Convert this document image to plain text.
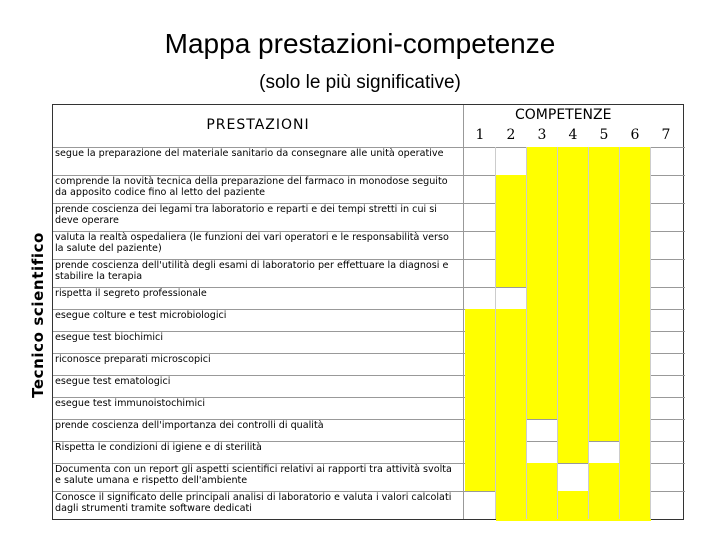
Mappa prestazioni-competenze
(solo le più significative)
Tecnico scientifico
PRESTAZIONI
COMPETENZE
1	2	3	4	5	6	7
segue la preparazione del materiale sanitario da consegnare alle unità operative
comprende la novità tecnica della preparazione del farmaco in monodose seguito da apposito codice fino al letto del paziente
prende coscienza dei legami tra laboratorio e reparti e dei tempi stretti in cui si deve operare
valuta la realtà ospedaliera (le funzioni dei vari operatori e le responsabilità verso la salute del paziente)
prende coscienza dell'utilità degli esami di laboratorio per effettuare la diagnosi e stabilire la terapia
rispetta il segreto professionale
esegue colture e test microbiologici
esegue test biochimici
riconosce preparati microscopici
esegue test ematologici
esegue test immunoistochimici
prende coscienza dell'importanza dei controlli di qualità
Rispetta le condizioni di igiene e di sterilità
Documenta con un report gli aspetti scientifici relativi ai rapporti tra attività svolta e salute umana e rispetto dell'ambiente
Conosce il significato delle principali analisi di laboratorio e valuta i valori calcolati dagli strumenti tramite software dedicati
